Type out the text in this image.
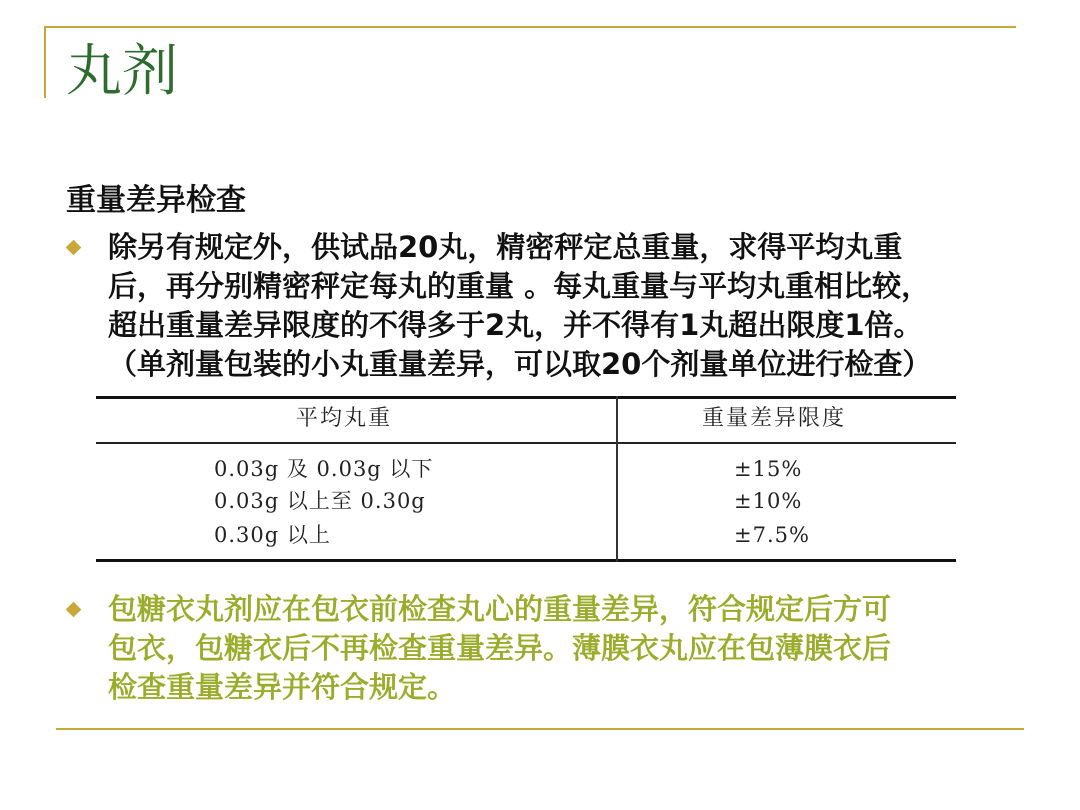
丸剂
重量差异检查
除另有规定外，供试品20丸，精密秤定总重量，求得平均丸重
后，再分别精密秤定每丸的重量 。每丸重量与平均丸重相比较，
超出重量差异限度的不得多于2丸，并不得有1丸超出限度1倍。
（单剂量包装的小丸重量差异，可以取20个剂量单位进行检查）
平均丸重	重量差异限度
0.03g 及 0.03g 以下	±15%
0.03g 以上至 0.30g	±10%
0.30g 以上	±7.5%
包糖衣丸剂应在包衣前检查丸心的重量差异，符合规定后方可
包衣，包糖衣后不再检查重量差异。薄膜衣丸应在包薄膜衣后
检查重量差异并符合规定。
